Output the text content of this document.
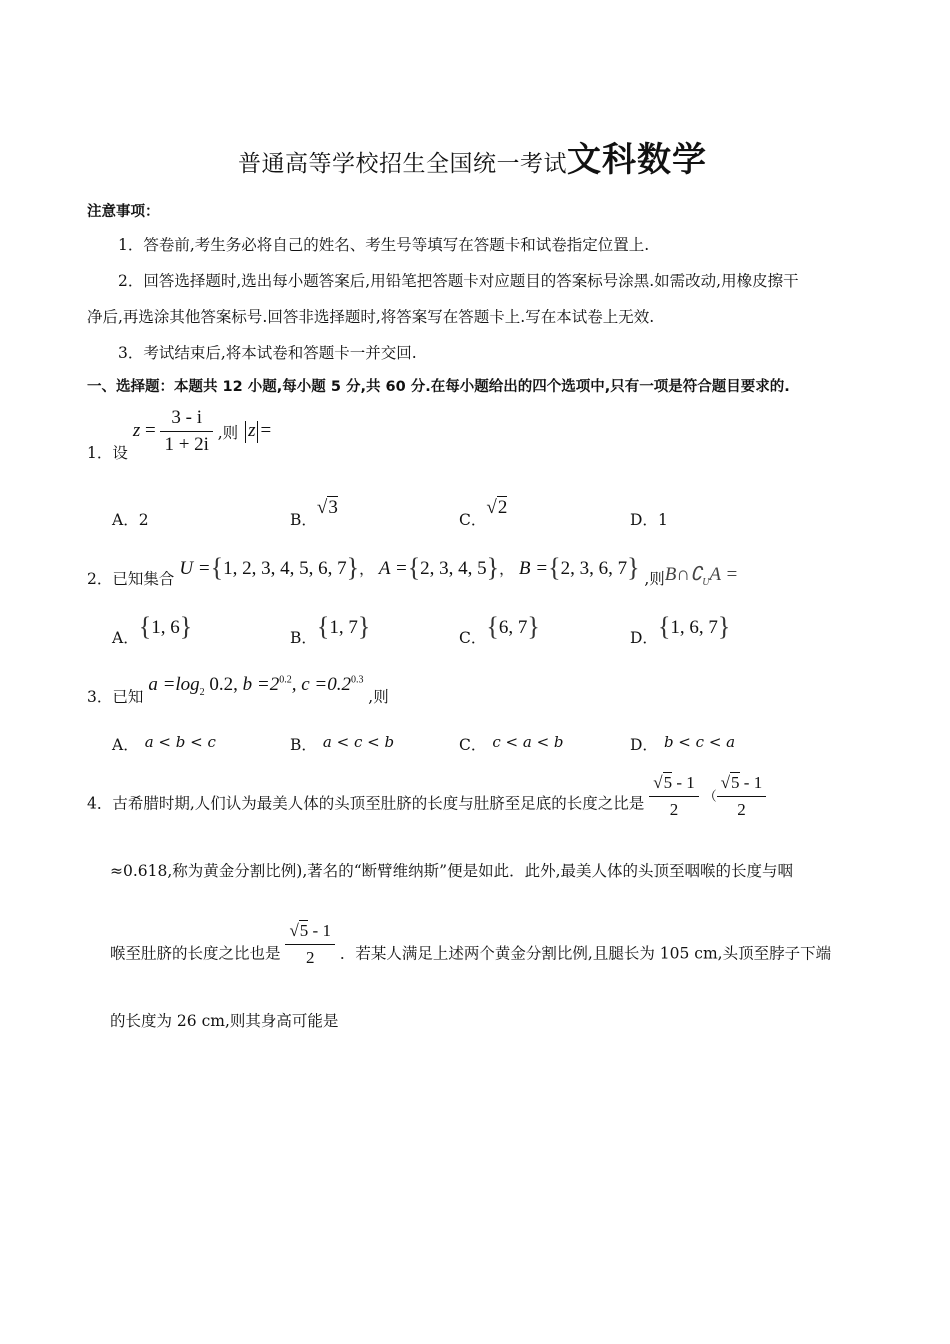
普通高等学校招生全国统一考试文科数学
注意事项：
1．答卷前,考生务必将自己的姓名、考生号等填写在答题卡和试卷指定位置上.
2．回答选择题时,选出每小题答案后,用铅笔把答题卡对应题目的答案标号涂黑.如需改动,用橡皮擦干
净后,再选涂其他答案标号.回答非选择题时,将答案写在答题卡上.写在本试卷上无效.
3．考试结束后,将本试卷和答题卡一并交回.
一、选择题：本题共 12 小题,每小题 5 分,共 60 分.在每小题给出的四个选项中,只有一项是符合题目要求的.
1．设 $z = \frac{3 - i}{1 + 2i}$ ,则 z =
A．2	B．√3
C．√2
D．1
2．已知集合 U ={1, 2, 3, 4, 5, 6, 7}， A ={2, 3, 4, 5}， B ={2, 3, 6, 7} ,则$B\cap∁_UA$ =
A．{1, 6}	B．{1, 7}	C．{6, 7}	D．{1, 6, 7}
3．已知 $a =\log_2$ 0.2, $b =2^{0.2}$, $c =0.2^{0.3}$ ,则
A． a < b < c	B． a < c < b	C． c < a < b	D． b < c < a
4．古希腊时期,人们认为最美人体的头顶至肚脐的长度与肚脐至足底的长度之比是 $\frac{√5 - 1}{2}$ （ $\frac{√5 - 1}{2}$
≈0.618,称为黄金分割比例),著名的“断臂维纳斯”便是如此．此外,最美人体的头顶至咽喉的长度与咽
喉至肚脐的长度之比也是 $\frac{√5 - 1}{2}$ ．若某人满足上述两个黄金分割比例,且腿长为 105 cm,头顶至脖子下端
的长度为 26 cm,则其身高可能是
